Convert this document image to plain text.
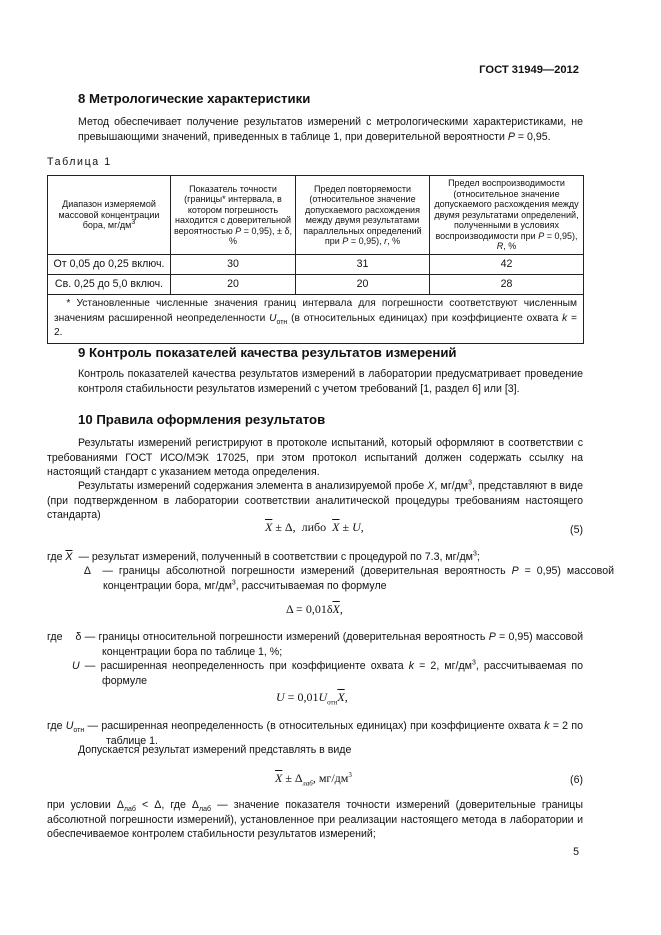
ГОСТ 31949—2012
8 Метрологические характеристики
Метод обеспечивает получение результатов измерений с метрологическими характеристиками, не превышающими значений, приведенных в таблице 1, при доверительной вероятности P = 0,95.
Таблица 1
Диапазон измеряемой массовой концентрации бора, $мг/дм^3$	Показатель точности (границы* интервала, в котором погрешность находится с доверительной вероятностью P = 0,95), ± δ, %	Предел повторяемости (относительное значение допускаемого расхождения между двумя результатами параллельных определений при P = 0,95), r, %	Предел воспроизводимости (относительное значение допускаемого расхождения между двумя результатами определений, полученными в условиях воспроизводимости при P = 0,95), R, %
От 0,05 до 0,25 включ.	30	31	42
Св. 0,25 до 5,0 включ.	20	20	28
* Установленные численные значения границ интервала для погрешности соответствуют численным значениям расширенной неопределенности $U_{отн}$ (в относительных единицах) при коэффициенте охвата k = 2.			
9 Контроль показателей качества результатов измерений
Контроль показателей качества результатов измерений в лаборатории предусматривает проведение контроля стабильности результатов измерений с учетом требований [1, раздел 6] или [3].
10 Правила оформления результатов
Результаты измерений регистрируют в протоколе испытаний, который оформляют в соответствии с требованиями ГОСТ ИСО/МЭК 17025, при этом протокол испытаний должен содержать ссылку на настоящий стандарт с указанием метода определения.
Результаты измерений содержания элемента в анализируемой пробе X, $мг/дм^3$, представляют в виде (при подтвержденном в лаборатории соответствии аналитической процедуры требованиям настоящего стандарта)
$\overline{X} \pm \Delta$,  либо  $\overline{X} \pm U$,	(5)
где $\overline{X}$  — результат измерений, полученный в соответствии с процедурой по 7.3, $мг/дм^3$;
Δ  — границы абсолютной погрешности измерений (доверительная вероятность P = 0,95) массовой концентрации бора, $мг/дм^3$, рассчитываемая по формуле
$\Delta = 0,01\delta\overline{X}$,
где    δ — границы относительной погрешности измерений (доверительная вероятность P = 0,95) массовой концентрации бора по таблице 1, %;
U — расширенная неопределенность при коэффициенте охвата k = 2, $мг/дм^3$, рассчитываемая по формуле
$U = 0,01U_{отн}\overline{X}$,
где $U_{отн}$ — расширенная неопределенность (в относительных единицах) при коэффициенте охвата k = 2 по таблице 1.
Допускается результат измерений представлять в виде
$\overline{X} \pm \Delta_{лаб}$, $мг/дм^3$	(6)
при условии $\Delta_{лаб} < \Delta$, где $\Delta_{лаб}$ — значение показателя точности измерений (доверительные границы абсолютной погрешности измерений), установленное при реализации настоящего метода в лаборатории и обеспечиваемое контролем стабильности результатов измерений;
5
